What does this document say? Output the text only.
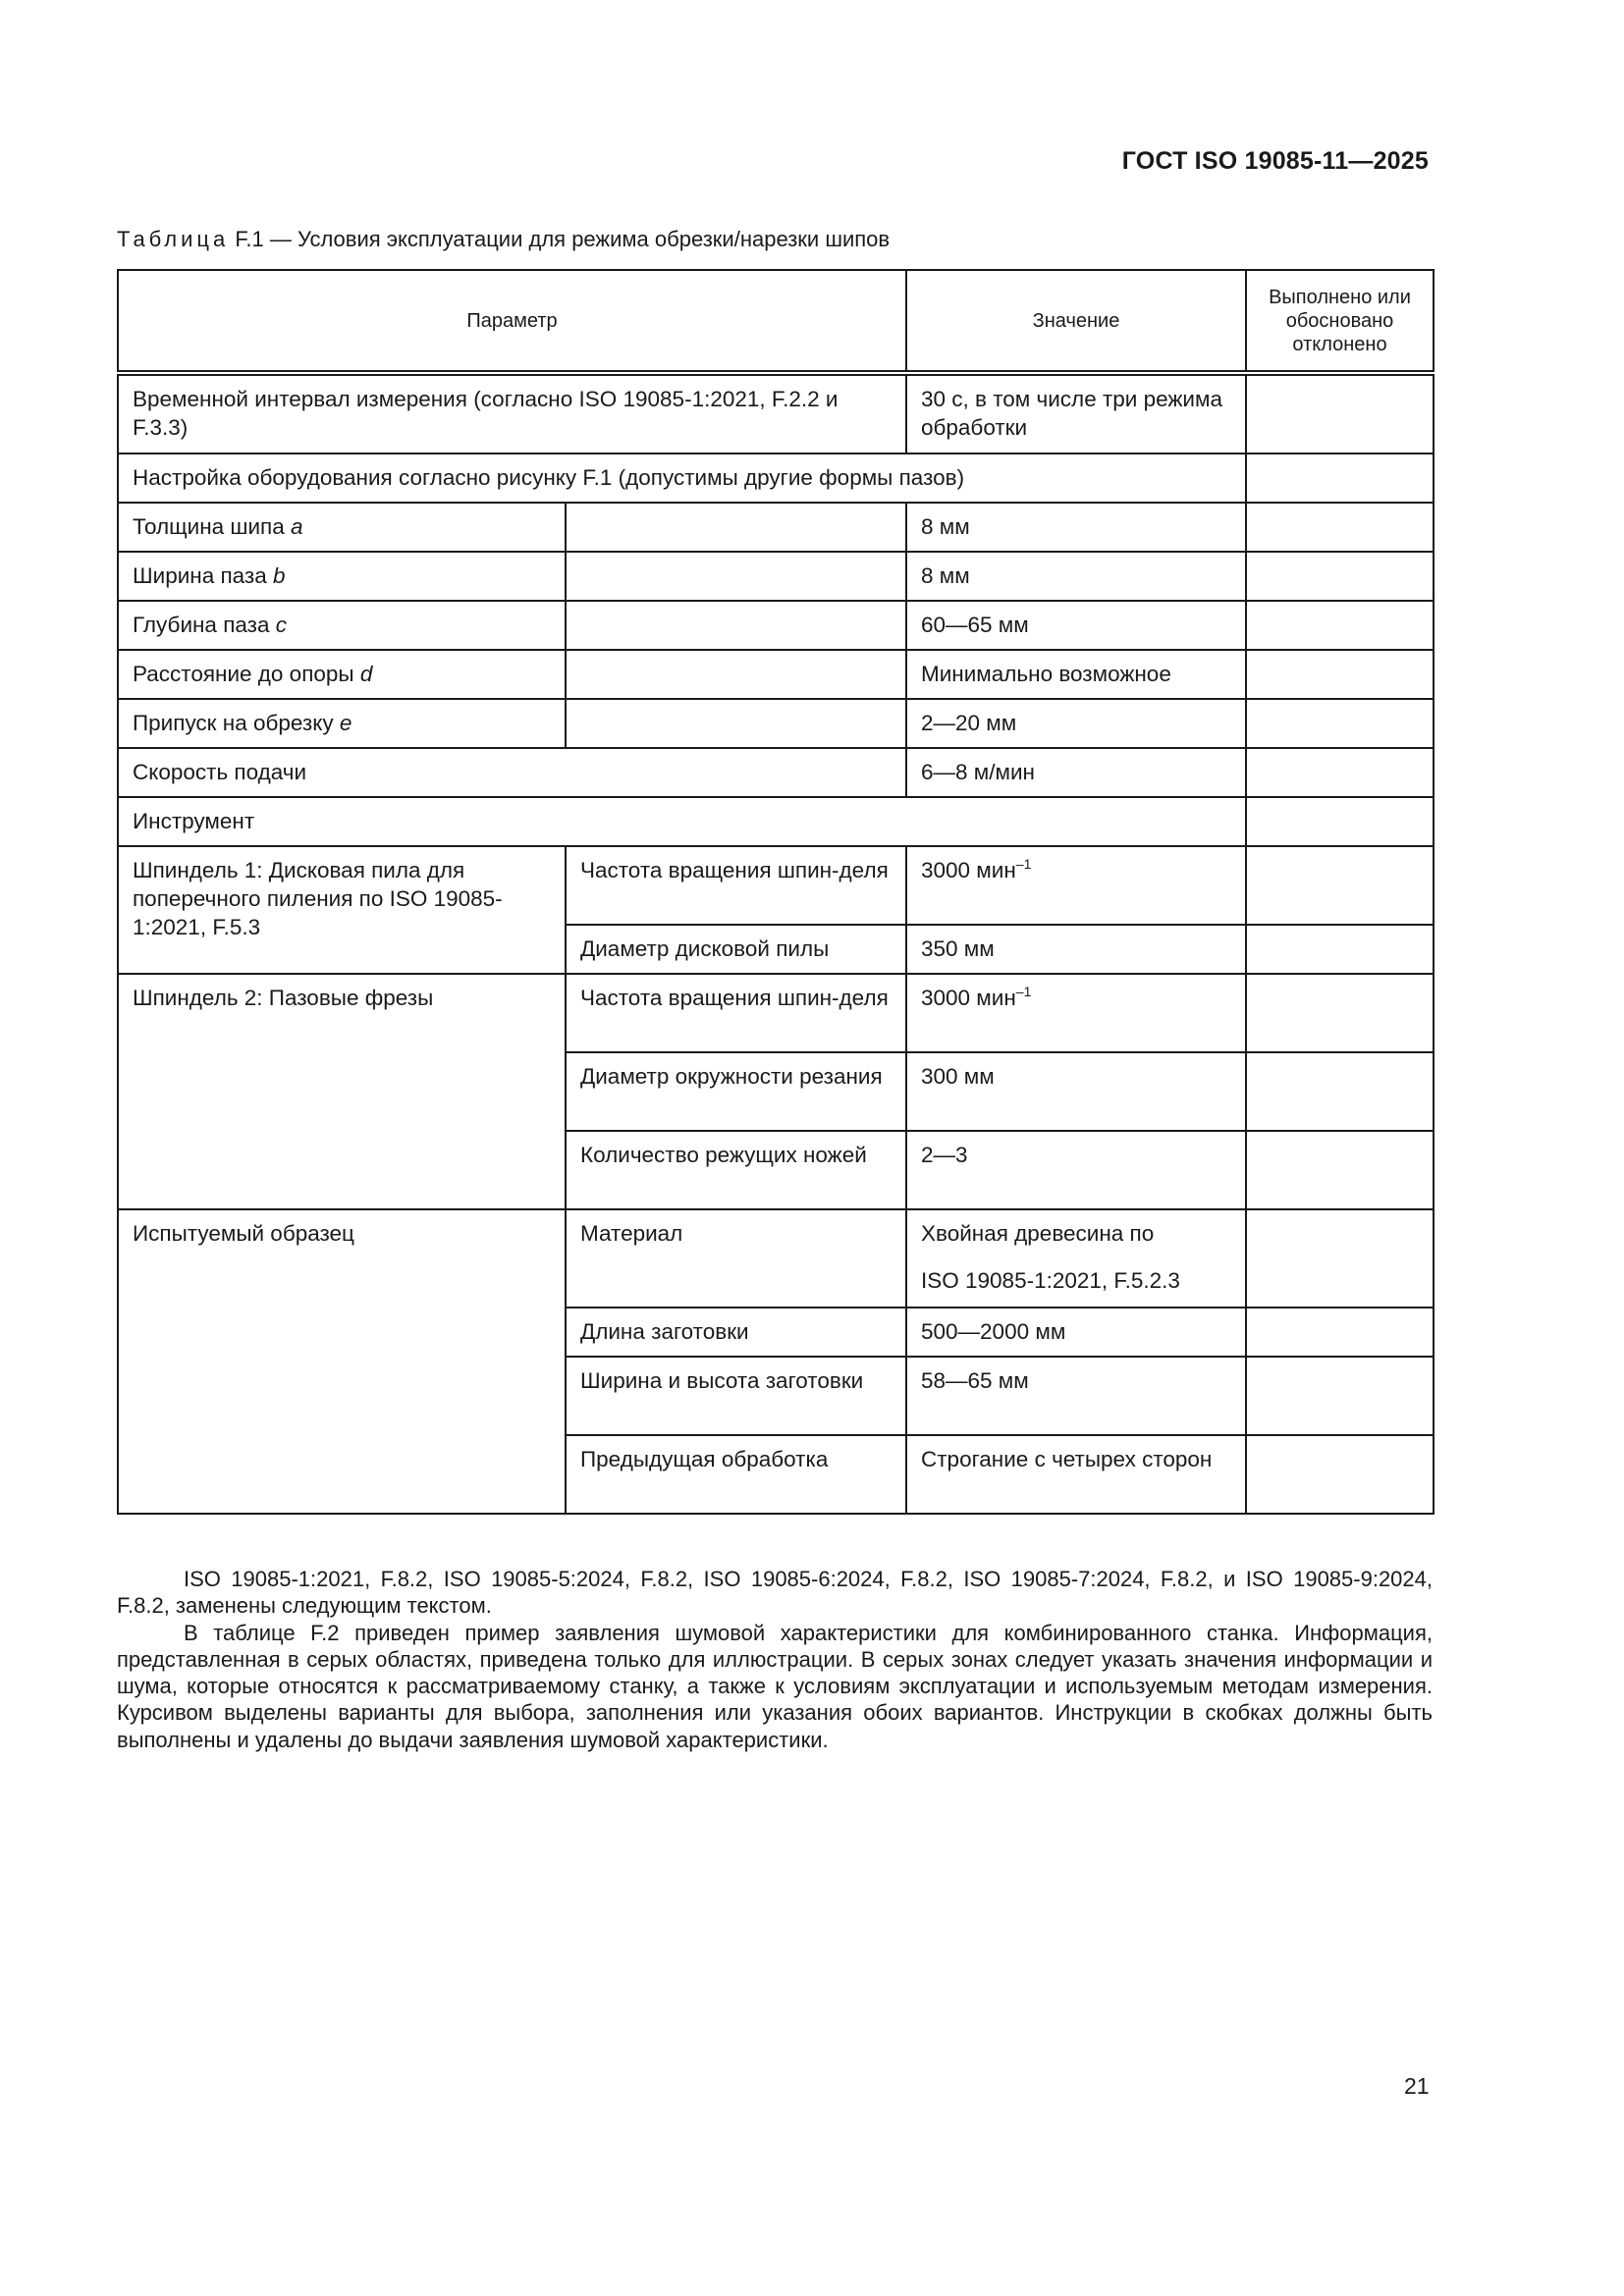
ГОСТ ISO 19085-11—2025
Таблица F.1 — Условия эксплуатации для режима обрезки/нарезки шипов
Параметр		Значение	Выполнено или обосновано отклонено
Временной интервал измерения (согласно ISO 19085-1:2021, F.2.2 и F.3.3)		30 с, в том числе три режима обработки	
Настройка оборудования согласно рисунку F.1 (допустимы другие формы пазов)			
Толщина шипа a		8 мм	
Ширина паза b		8 мм	
Глубина паза c		60—65 мм	
Расстояние до опоры d		Минимально возможное	
Припуск на обрезку e		2—20 мм	
Скорость подачи		6—8 м/мин	
Инструмент			
Шпиндель 1: Дисковая пила для поперечного пиления по ISO 19085-1:2021, F.5.3	Частота вращения шпин-деля	3000 мин$^{-1}$	
	Диаметр дисковой пилы	350 мм	
Шпиндель 2: Пазовые фрезы	Частота вращения шпин-деля	3000 мин$^{-1}$	
	Диаметр окружности резания	300 мм	
	Количество режущих ножей	2—3	
Испытуемый образец	Материал	Хвойная древесина по
ISO 19085-1:2021, F.5.2.3	

	Длина заготовки	500—2000 мм	
	Ширина и высота заготовки	58—65 мм	
	Предыдущая обработка	Строгание с четырех сторон	

ISO 19085-1:2021, F.8.2, ISO 19085-5:2024, F.8.2, ISO 19085-6:2024, F.8.2, ISO 19085-7:2024, F.8.2, и ISO 19085-9:2024, F.8.2, заменены следующим текстом.

В таблице F.2 приведен пример заявления шумовой характеристики для комбинированного станка. Информация, представленная в серых областях, приведена только для иллюстрации. В серых зонах следует указать значения информации и шума, которые относятся к рассматриваемому станку, а также к условиям эксплуатации и используемым методам измерения. Курсивом выделены варианты для выбора, заполнения или указания обоих вариантов. Инструкции в скобках должны быть выполнены и удалены до выдачи заявления шумовой характеристики.

21
